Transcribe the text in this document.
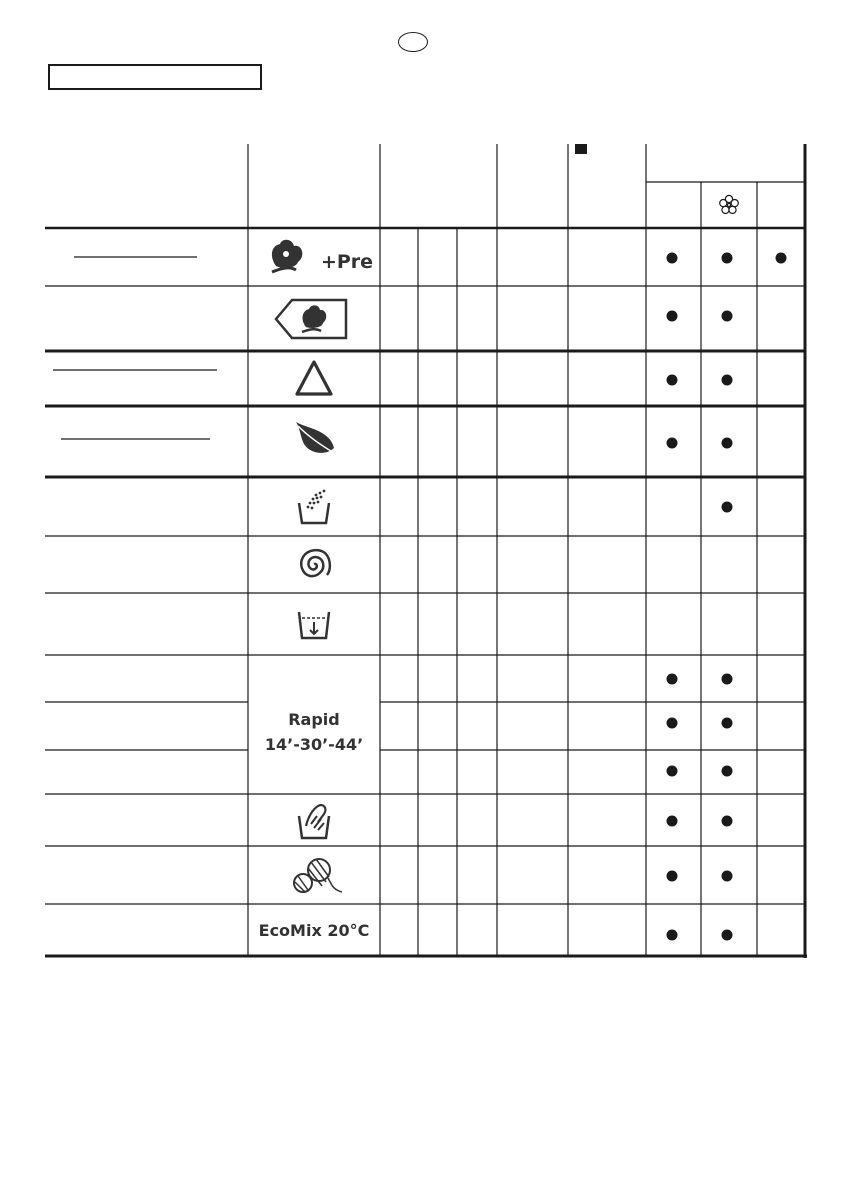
+Pre
Rapid
14’-30’-44’
EcoMix 20°C
